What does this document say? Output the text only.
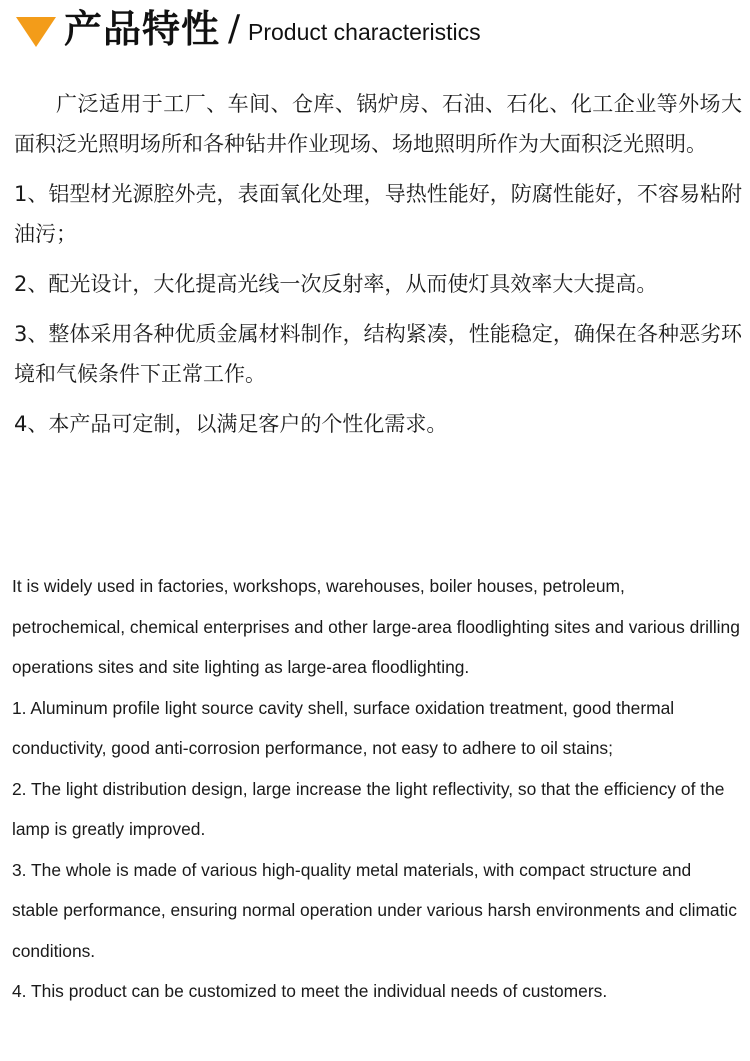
产品特性 / Product characteristics

广泛适用于工厂、车间、仓库、锅炉房、石油、石化、化工企业等外场大面积泛光照明场所和各种钻井作业现场、场地照明所作为大面积泛光照明。

1、铝型材光源腔外壳，表面氧化处理，导热性能好，防腐性能好，不容易粘附油污；

2、配光设计，大化提高光线一次反射率，从而使灯具效率大大提高。

3、整体采用各种优质金属材料制作，结构紧凑，性能稳定，确保在各种恶劣环境和气候条件下正常工作。

4、本产品可定制，以满足客户的个性化需求。

It is widely used in factories, workshops, warehouses, boiler houses, petroleum, petrochemical, chemical enterprises and other large-area floodlighting sites and various drilling operations sites and site lighting as large-area floodlighting.

1. Aluminum profile light source cavity shell, surface oxidation treatment, good thermal conductivity, good anti-corrosion performance, not easy to adhere to oil stains;

2. The light distribution design, large increase the light reflectivity, so that the efficiency of the lamp is greatly improved.

3. The whole is made of various high-quality metal materials, with compact structure and stable performance, ensuring normal operation under various harsh environments and climatic conditions.

4. This product can be customized to meet the individual needs of customers.
